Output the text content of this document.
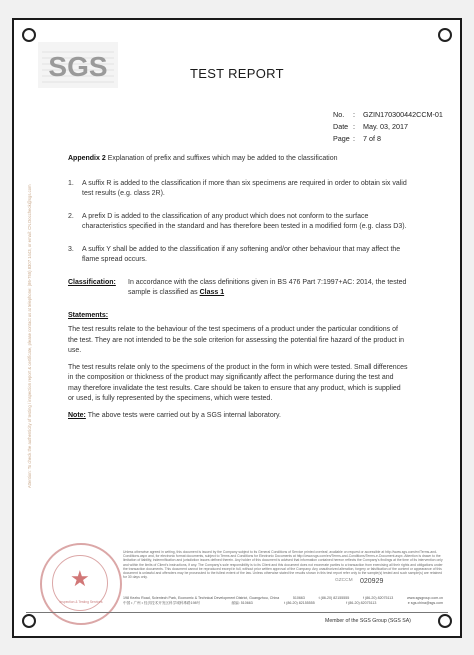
SGS	TEST REPORT
No.	:	GZIN170300442CCM-01
Date :	May. 03, 2017
Page :	7 of 8
Attention: To check the authenticity of testing / inspection report & certificate, please contact us at telephone: (86-755) 8307 1443, or email: CN.Doccheck@sgs.com
Appendix 2 Explanation of prefix and suffixes which may be added to the classification
1.	A suffix R is added to the classification if more than six specimens are required in order to obtain six valid test results (e.g. class 2R).
2.	A prefix D is added to the classification of any product which does not conform to the surface characteristics specified in the standard and has therefore been tested in a modified form (e.g. class D3).
3.	A suffix Y shall be added to the classification if any softening and/or other behaviour that may affect the flame spread occurs.
Classification:	In accordance with the class definitions given in BS 476 Part 7:1997+AC: 2014, the tested sample is classified as Class 1
Statements:

The test results relate to the behaviour of the test specimens of a product under the particular conditions of the test. They are not intended to be the sole criterion for assessing the potential fire hazard of the product in use.

The test results relate only to the specimens of the product in the form in which were tested. Small differences in the composition or thickness of the product may significantly affect the performance during the test and may therefore invalidate the test results. Care should be taken to ensure that any product, which is supplied or used, is fully represented by the specimens, which were tested.

Note: The above tests were carried out by a SGS internal laboratory.
★
Inspection & Testing Services
Unless otherwise agreed in writing, this document is issued by the Company subject to its General Conditions of Service printed overleaf, available on request or accessible at http://www.sgs.com/en/Terms-and-Conditions.aspx and, for electronic format documents, subject to Terms and Conditions for Electronic Documents at http://www.sgs.com/en/Terms-and-Conditions/Terms-e-Document.aspx. Attention is drawn to the limitation of liability, indemnification and jurisdiction issues defined therein. Any holder of this document is advised that information contained hereon reflects the Company's findings at the time of its intervention only and within the limits of Client's instructions, if any. The Company's sole responsibility is to its Client and this document does not exonerate parties to a transaction from exercising all their rights and obligations under the transaction documents. This document cannot be reproduced except in full, without prior written approval of the Company. Any unauthorized alteration, forgery or falsification of the content or appearance of this document is unlawful and offenders may be prosecuted to the fullest extent of the law. Unless otherwise stated the results shown in this test report refer only to the sample(s) tested and such sample(s) are retained for 30 days only.
GZCCM 020929
198 Kezhu Road, Scientech Park, Economic & Technical Development District, Guangzhou, China	510663	t (86-20) 82155555	f (86-20) 82075113	www.sgsgroup.com.cn
中国 • 广州 • 经济技术开发区科学城科珠路198号	邮编: 510663	t (86-20) 82155555	f (86-20) 82075113	e sgs.china@sgs.com
Member of the SGS Group (SGS SA)
